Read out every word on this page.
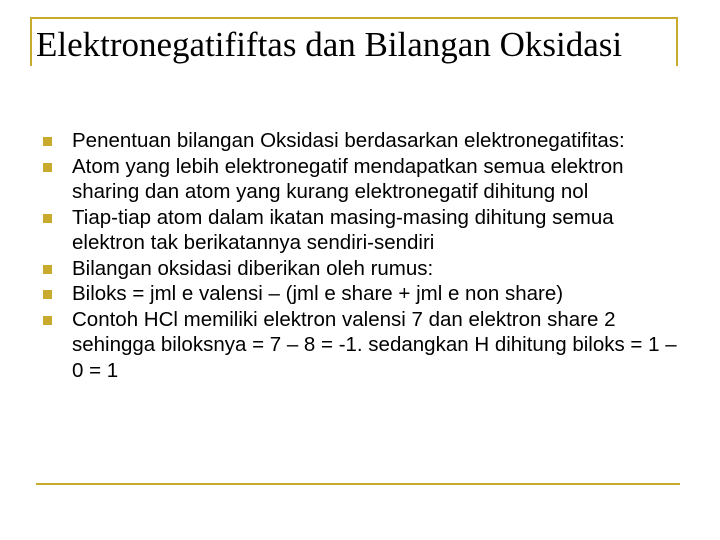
Elektronegatififtas dan Bilangan Oksidasi
Penentuan bilangan Oksidasi berdasarkan elektronegatifitas:
Atom yang lebih elektronegatif mendapatkan semua elektron sharing dan atom yang kurang elektronegatif dihitung nol
Tiap-tiap atom dalam ikatan masing-masing dihitung semua elektron tak berikatannya sendiri-sendiri
Bilangan oksidasi diberikan oleh rumus:
Biloks = jml e valensi – (jml e share + jml e non share)
Contoh HCl memiliki elektron valensi 7 dan elektron share 2 sehingga biloksnya = 7 – 8 = -1. sedangkan H dihitung biloks = 1 – 0 = 1
